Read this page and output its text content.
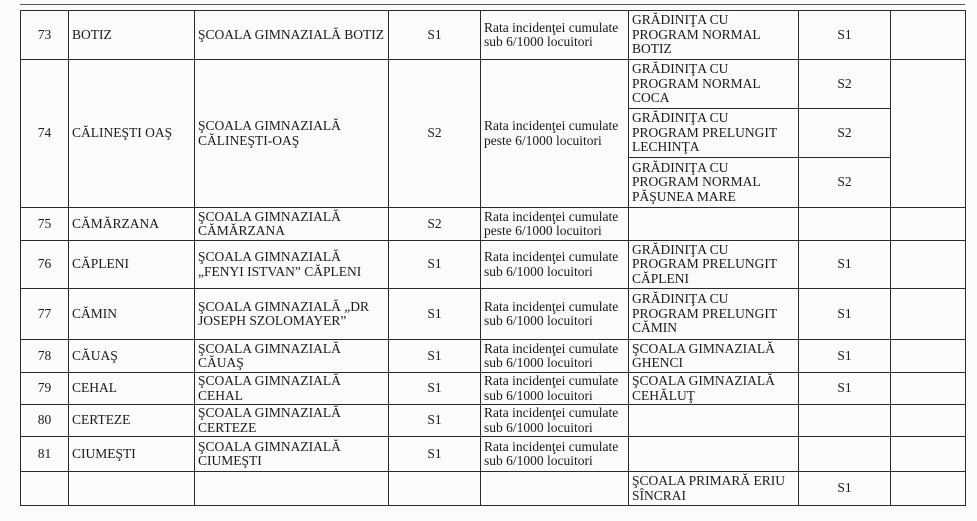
73	BOTIZ	ŞCOALA GIMNAZIALĂ BOTIZ	S1	Rata incidenţei cumulate sub 6/1000 locuitori	GRĂDINIŢA CU PROGRAM NORMAL BOTIZ	S1	
74	CĂLINEŞTI OAŞ	ŞCOALA GIMNAZIALĂ CĂLINEŞTI-OAŞ	S2	Rata incidenţei cumulate peste 6/1000 locuitori	GRĂDINIŢA CU PROGRAM NORMAL COCA	S2	
					GRĂDINIŢA CU PROGRAM PRELUNGIT LECHINŢA	S2	
					GRĂDINIŢA CU PROGRAM NORMAL PĂŞUNEA MARE	S2	
75	CĂMĂRZANA	ŞCOALA GIMNAZIALĂ CĂMĂRZANA	S2	Rata incidenţei cumulate peste 6/1000 locuitori			
76	CĂPLENI	ŞCOALA GIMNAZIALĂ „FENYI ISTVAN” CĂPLENI	S1	Rata incidenţei cumulate sub 6/1000 locuitori	GRĂDINIŢA CU PROGRAM PRELUNGIT CĂPLENI	S1	
77	CĂMIN	ŞCOALA GIMNAZIALĂ „DR JOSEPH SZOLOMAYER”	S1	Rata incidenţei cumulate sub 6/1000 locuitori	GRĂDINIŢA CU PROGRAM PRELUNGIT CĂMIN	S1	
78	CĂUAŞ	ŞCOALA GIMNAZIALĂ CĂUAŞ	S1	Rata incidenţei cumulate sub 6/1000 locuitori	ŞCOALA GIMNAZIALĂ GHENCI	S1	
79	CEHAL	ŞCOALA GIMNAZIALĂ CEHAL	S1	Rata incidenţei cumulate sub 6/1000 locuitori	ŞCOALA GIMNAZIALĂ CEHĂLUŢ	S1	
80	CERTEZE	ŞCOALA GIMNAZIALĂ CERTEZE	S1	Rata incidenţei cumulate sub 6/1000 locuitori			
81	CIUMEŞTI	ŞCOALA GIMNAZIALĂ CIUMEŞTI	S1	Rata incidenţei cumulate sub 6/1000 locuitori			
					ŞCOALA PRIMARĂ ERIU SÎNCRAI	S1	
